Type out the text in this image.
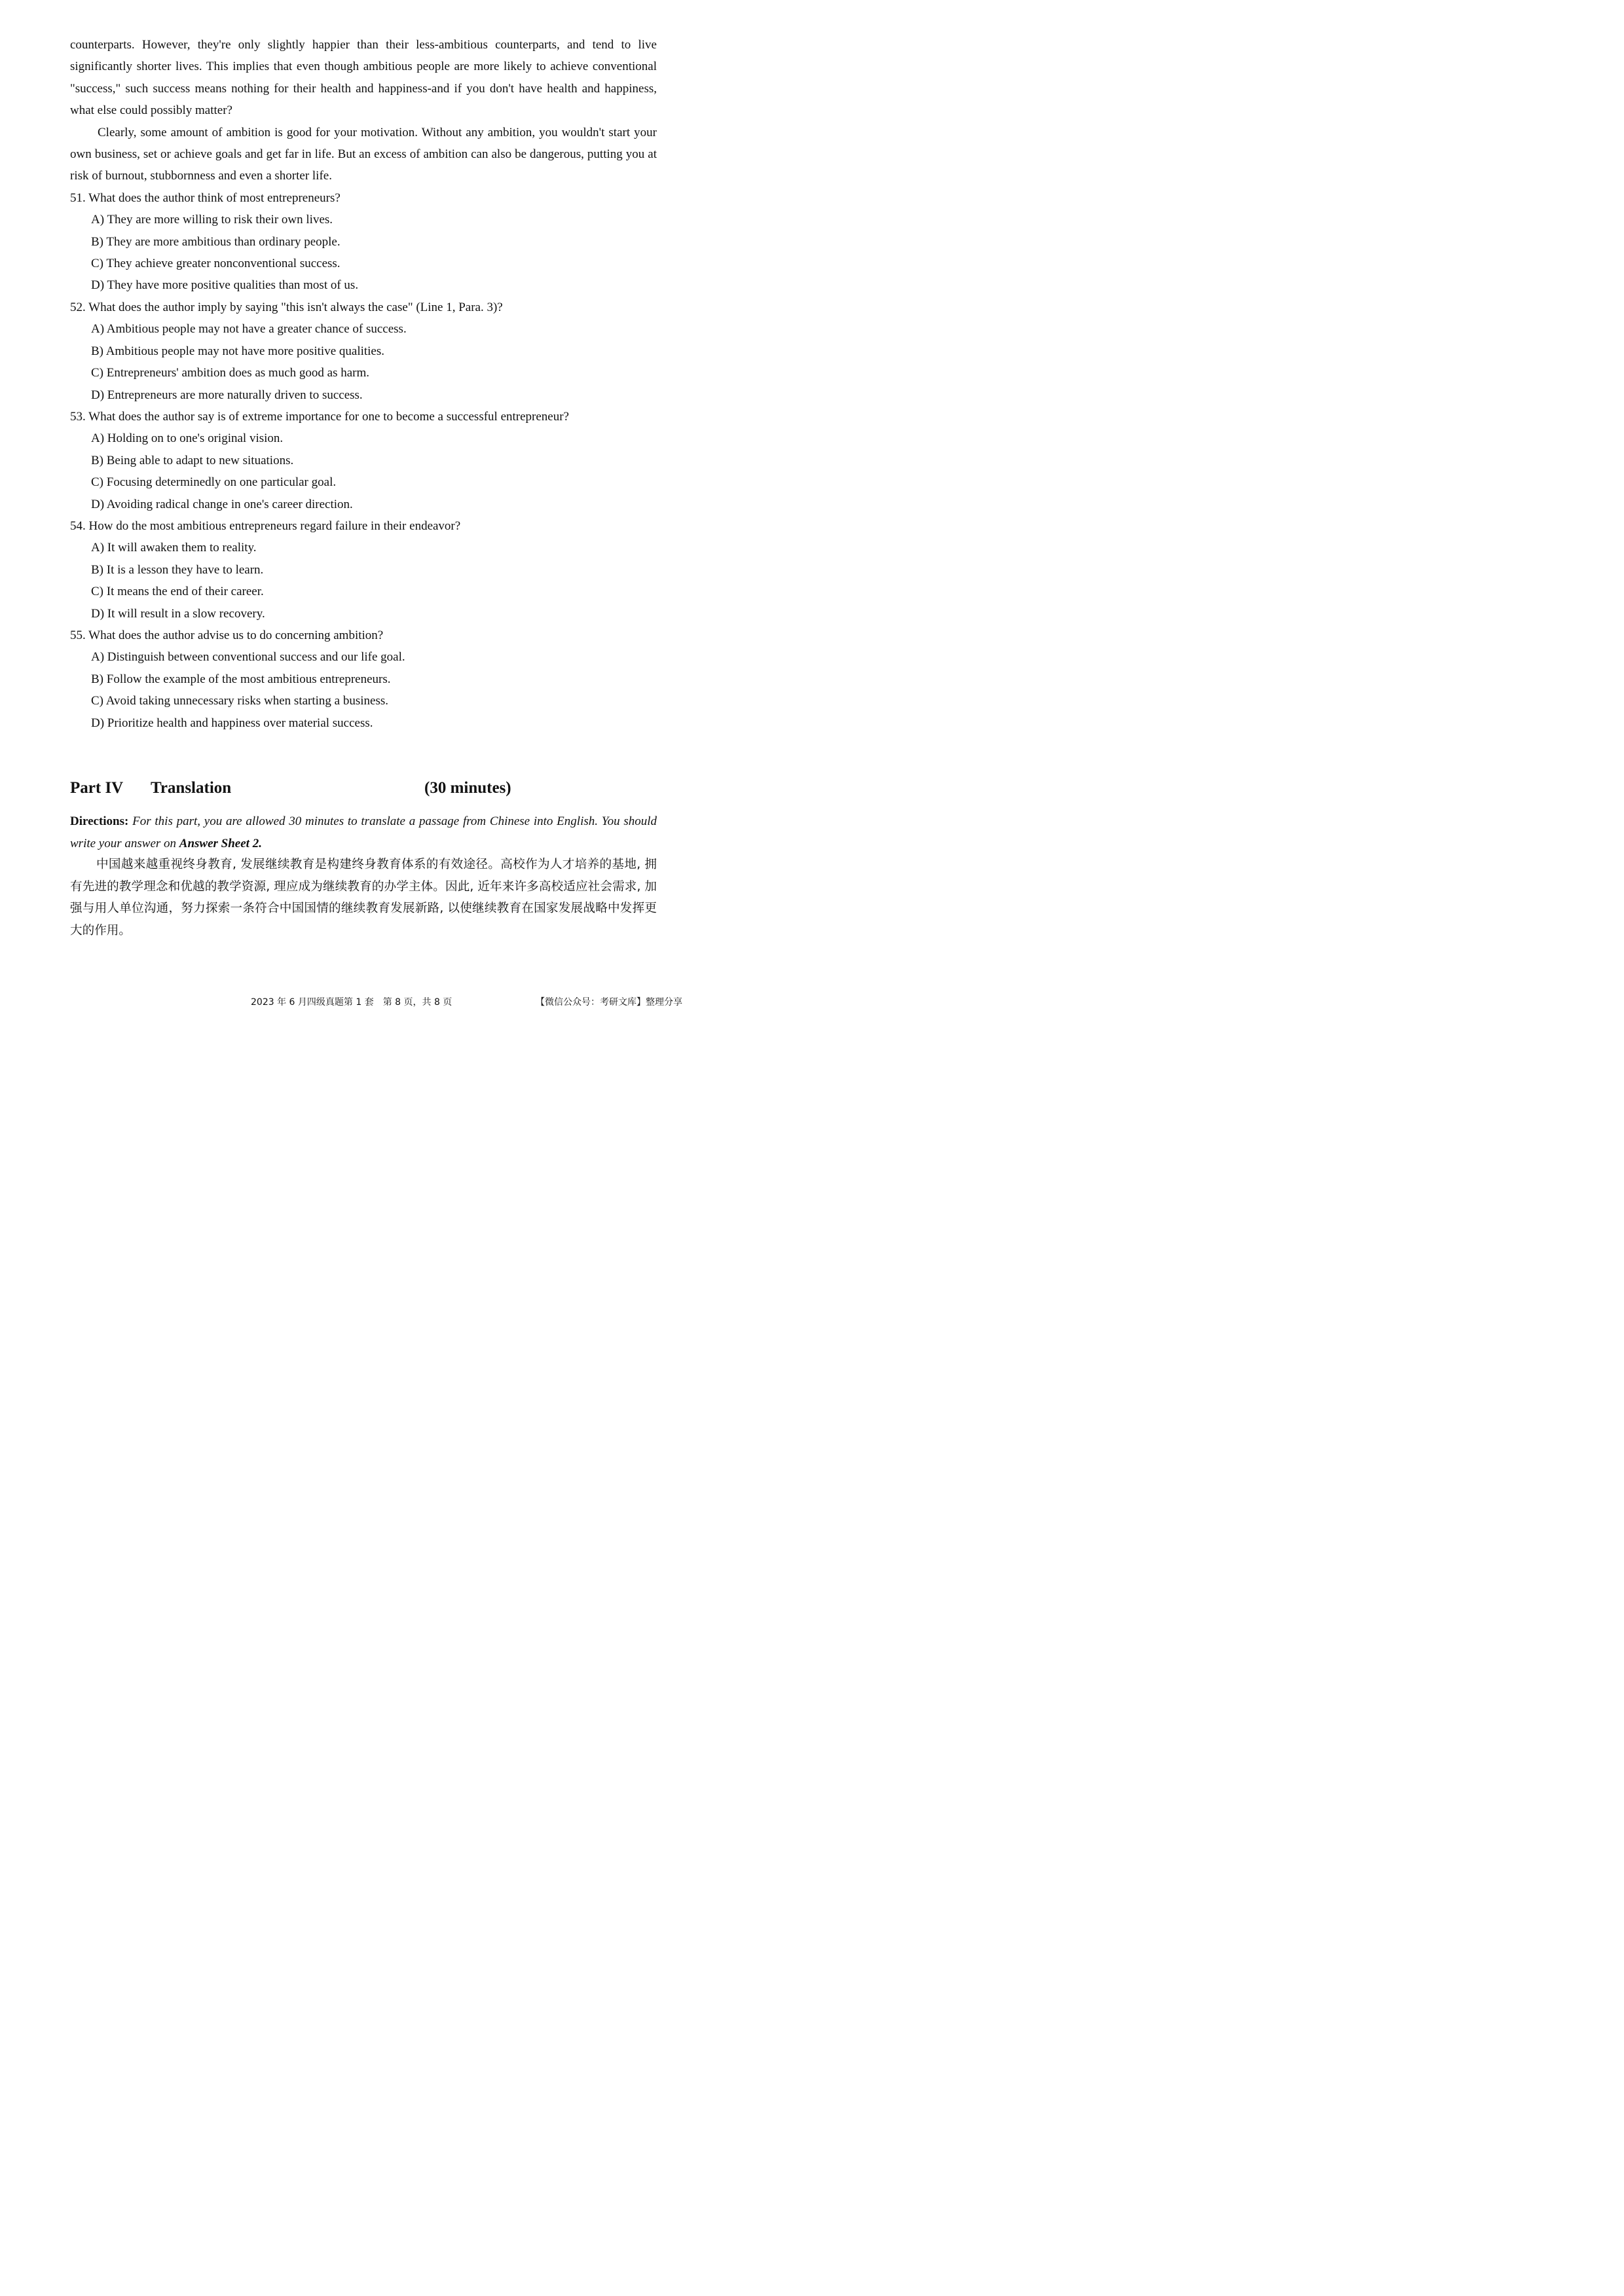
counterparts. However, they're only slightly happier than their less-ambitious counterparts, and tend to live significantly shorter lives. This implies that even though ambitious people are more likely to achieve conventional "success," such success means nothing for their health and happiness-and if you don't have health and happiness, what else could possibly matter?

Clearly, some amount of ambition is good for your motivation. Without any ambition, you wouldn't start your own business, set or achieve goals and get far in life. But an excess of ambition can also be dangerous, putting you at risk of burnout, stubbornness and even a shorter life.

51. What does the author think of most entrepreneurs?

A) They are more willing to risk their own lives.

B) They are more ambitious than ordinary people.

C) They achieve greater nonconventional success.

D) They have more positive qualities than most of us.

52. What does the author imply by saying "this isn't always the case" (Line 1, Para. 3)?

A) Ambitious people may not have a greater chance of success.

B) Ambitious people may not have more positive qualities.

C) Entrepreneurs' ambition does as much good as harm.

D) Entrepreneurs are more naturally driven to success.

53. What does the author say is of extreme importance for one to become a successful entrepreneur?

A) Holding on to one's original vision.

B) Being able to adapt to new situations.

C) Focusing determinedly on one particular goal.

D) Avoiding radical change in one's career direction.

54. How do the most ambitious entrepreneurs regard failure in their endeavor?

A) It will awaken them to reality.

B) It is a lesson they have to learn.

C) It means the end of their career.

D) It will result in a slow recovery.

55. What does the author advise us to do concerning ambition?

A) Distinguish between conventional success and our life goal.

B) Follow the example of the most ambitious entrepreneurs.

C) Avoid taking unnecessary risks when starting a business.

D) Prioritize health and happiness over material success.

Part IV Translation	(30 minutes)
Directions: For this part, you are allowed 30 minutes to translate a passage from Chinese into English. You should write your answer on Answer Sheet 2.

中国越来越重视终身教育, 发展继续教育是构建终身教育体系的有效途径。高校作为人才培养的基地, 拥有先进的教学理念和优越的教学资源, 理应成为继续教育的办学主体。因此, 近年来许多高校适应社会需求, 加强与用人单位沟通，努力探索一条符合中国国情的继续教育发展新路, 以使继续教育在国家发展战略中发挥更大的作用。

2023 年 6 月四级真题第 1 套　第 8 页，共 8 页	【微信公众号：考研文库】整理分享
